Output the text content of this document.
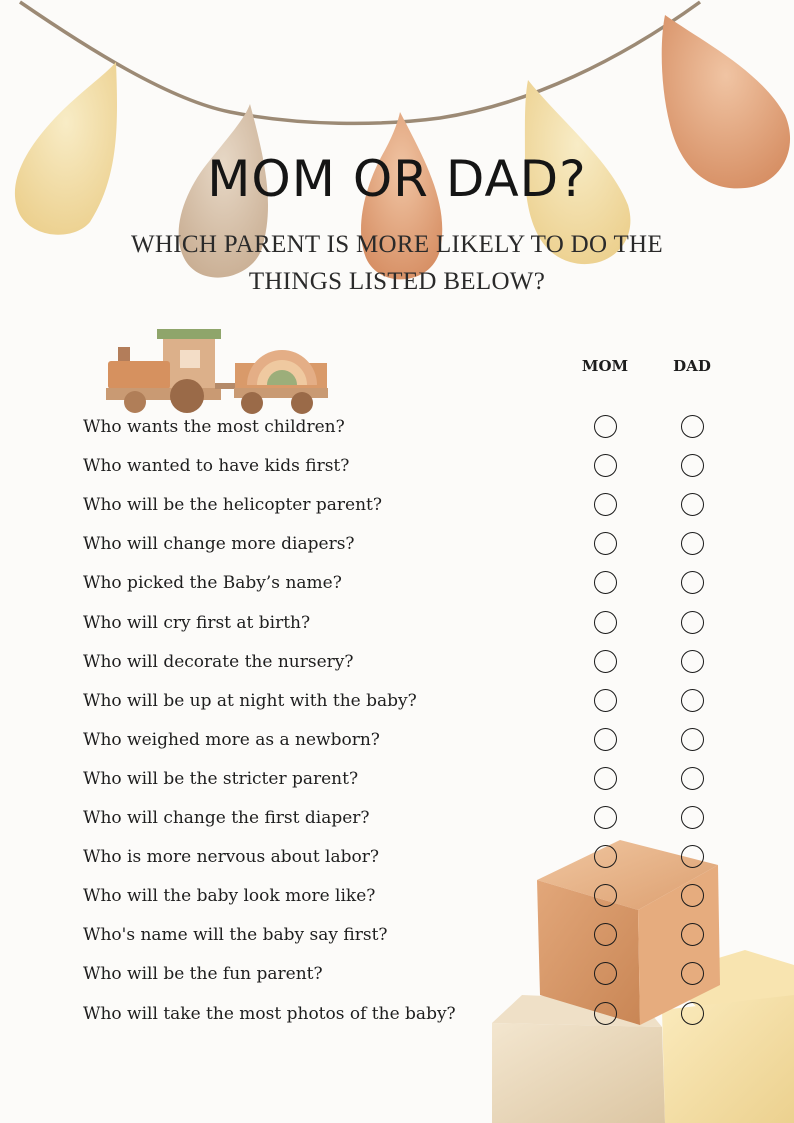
MOM OR DAD?
WHICH PARENT IS MORE LIKELY TO DO THE THINGS LISTED BELOW?
MOM	DAD
Who wants the most children?
Who wanted to have kids first?
Who will be the helicopter parent?
Who will change more diapers?
Who picked the Baby’s name?
Who will cry first at birth?
Who will decorate the nursery?
Who will be up at night with the baby?
Who weighed more as a newborn?
Who will be the stricter parent?
Who will change the first diaper?
Who is more nervous about labor?
Who will the baby look more like?
Who's name will the baby say first?
Who will be the fun parent?
Who will take the most photos of the baby?
